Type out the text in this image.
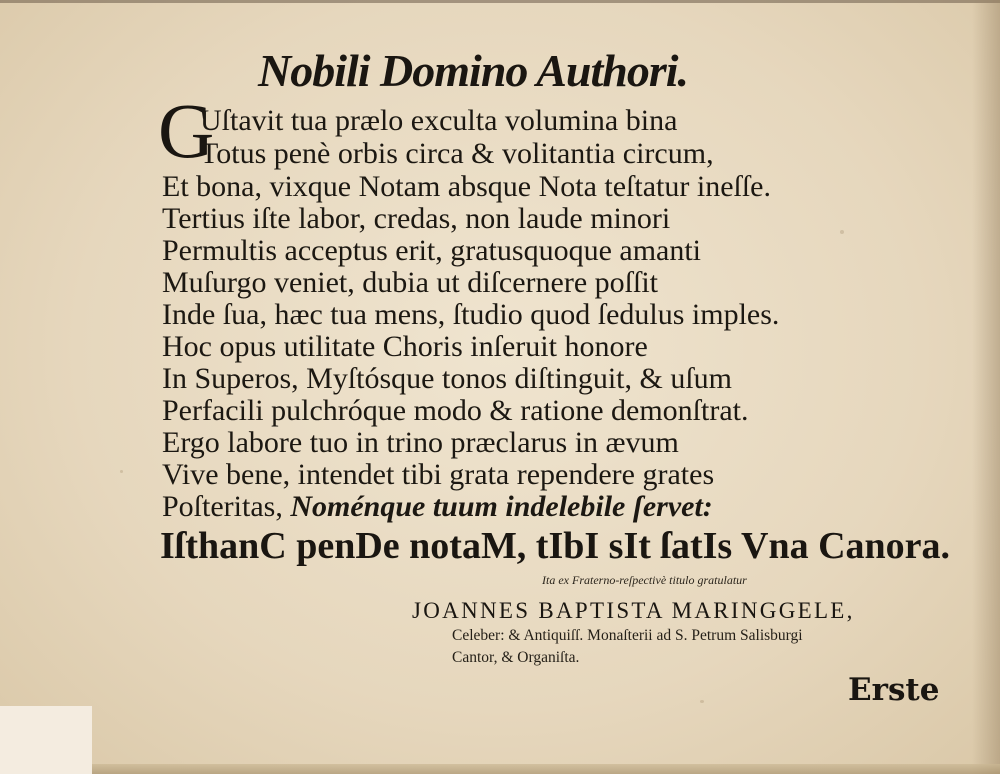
Nobili Domino Authori.
G
Uſtavit tua prælo exculta volumina bina
Totus penè orbis circa & volitantia circum,
Et bona, vixque Notam absque Nota teſtatur ineſſe.
Tertius iſte labor, credas, non laude minori
Permultis acceptus erit, gratusquoque amanti
Muſurgo veniet, dubia ut diſcernere poſſit
Inde ſua, hæc tua mens, ſtudio quod ſedulus imples.
Hoc opus utilitate Choris inſeruit honore
In Superos, Myſtósque tonos diſtinguit, & uſum
Perfacili pulchróque modo & ratione demonſtrat.
Ergo labore tuo in trino præclarus in ævum
Vive bene, intendet tibi grata rependere grates
Poſteritas, Noménque tuum indelebile ſervet:
IſthanC penDe notaM, tIbI sIt ſatIs Vna Canora.
Ita ex Fraterno-reſpectivè titulo gratulatur
JOANNES BAPTISTA MARINGGELE,
Celeber: & Antiquiſſ. Monaſterii ad S. Petrum Salisburgi
Cantor, & Organiſta.
Erste
